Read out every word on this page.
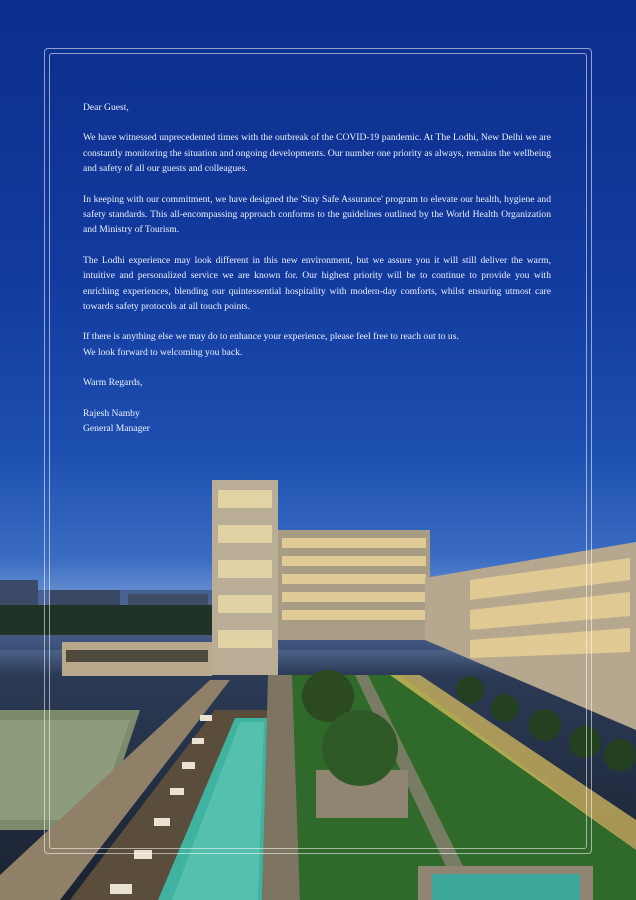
Dear Guest,

We have witnessed unprecedented times with the outbreak of the COVID-19 pandemic. At The Lodhi, New Delhi we are constantly monitoring the situation and ongoing developments. Our number one priority as always, remains the wellbeing and safety of all our guests and colleagues.

In keeping with our commitment, we have designed the 'Stay Safe Assurance' program to elevate our health, hygiene and safety standards. This all-encompassing approach conforms to the guidelines outlined by the World Health Organization and Ministry of Tourism.

The Lodhi experience may look different in this new environment, but we assure you it will still deliver the warm, intuitive and personalized service we are known for. Our highest priority will be to continue to provide you with enriching experiences, blending our quintessential hospitality with modern-day comforts, whilst ensuring utmost care towards safety protocols at all touch points.

If there is anything else we may do to enhance your experience, please feel free to reach out to us.
We look forward to welcoming you back.

Warm Regards,

Rajesh Namby
General Manager
